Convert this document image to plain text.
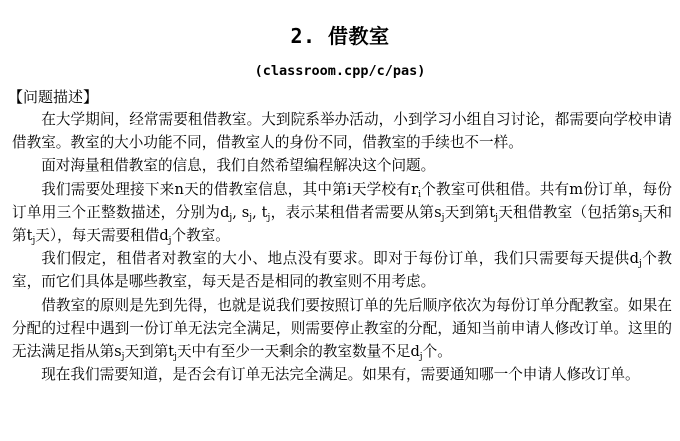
2. 借教室
(classroom.cpp/c/pas)
【问题描述】

在大学期间，经常需要租借教室。大到院系举办活动，小到学习小组自习讨论，都需要向学校申请借教室。教室的大小功能不同，借教室人的身份不同，借教室的手续也不一样。

面对海量租借教室的信息，我们自然希望编程解决这个问题。

我们需要处理接下来n天的借教室信息，其中第i天学校有$r_i$个教室可供租借。共有m份订单，每份订单用三个正整数描述，分别为$d_j$, $s_j$, $t_j$，表示某租借者需要从第$s_j$天到第$t_j$天租借教室（包括第$s_j$天和第$t_j$天），每天需要租借$d_j$个教室。

我们假定，租借者对教室的大小、地点没有要求。即对于每份订单，我们只需要每天提供$d_j$个教室，而它们具体是哪些教室，每天是否是相同的教室则不用考虑。

借教室的原则是先到先得，也就是说我们要按照订单的先后顺序依次为每份订单分配教室。如果在分配的过程中遇到一份订单无法完全满足，则需要停止教室的分配，通知当前申请人修改订单。这里的无法满足指从第$s_j$天到第$t_j$天中有至少一天剩余的教室数量不足$d_j$个。

现在我们需要知道，是否会有订单无法完全满足。如果有，需要通知哪一个申请人修改订单。
